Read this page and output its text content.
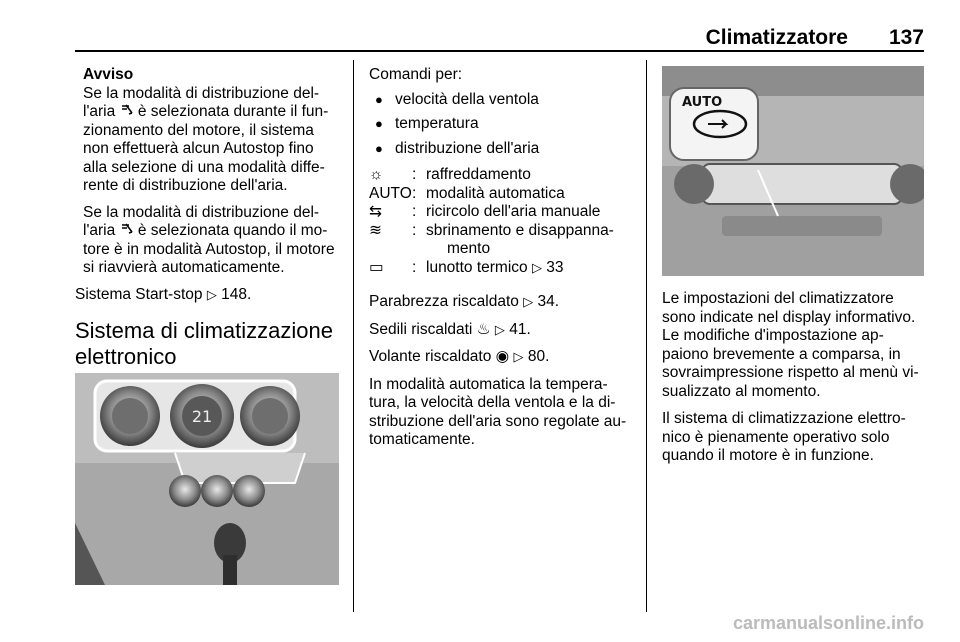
Climatizzatore 137
Avviso

Se la modalità di distribuzione del-
l'aria  è selezionata durante il fun-
zionamento del motore, il sistema
non effettuerà alcun Autostop fino
alla selezione di una modalità diffe-
rente di distribuzione dell'aria.

Se la modalità di distribuzione del-
l'aria  è selezionata quando il mo-
tore è in modalità Autostop, il motore
si riavvierà automaticamente.

Sistema Start-stop ▷ 148.

Sistema di climatizzazione
elettronico
21
Comandi per:
● velocità della ventola
● temperatura
● distribuzione dell'aria
☼	:	raffreddamento
AUTO	:	modalità automatica
⇆	:	ricircolo dell'aria manuale
≋	:	sbrinamento e disappanna-
mento
▭	:	lunotto termico ▷ 33

Parabrezza riscaldato ▷ 34.

Sedili riscaldati ♨ ▷ 41.

Volante riscaldato ◉ ▷ 80.

In modalità automatica la tempera-
tura, la velocità della ventola e la di-
stribuzione dell'aria sono regolate au-
tomaticamente.

AUTO

Le impostazioni del climatizzatore
sono indicate nel display informativo.
Le modifiche d'impostazione ap-
paiono brevemente a comparsa, in
sovraimpressione rispetto al menù vi-
sualizzato al momento.

Il sistema di climatizzazione elettro-
nico è pienamente operativo solo
quando il motore è in funzione.

carmanualsonline.info
